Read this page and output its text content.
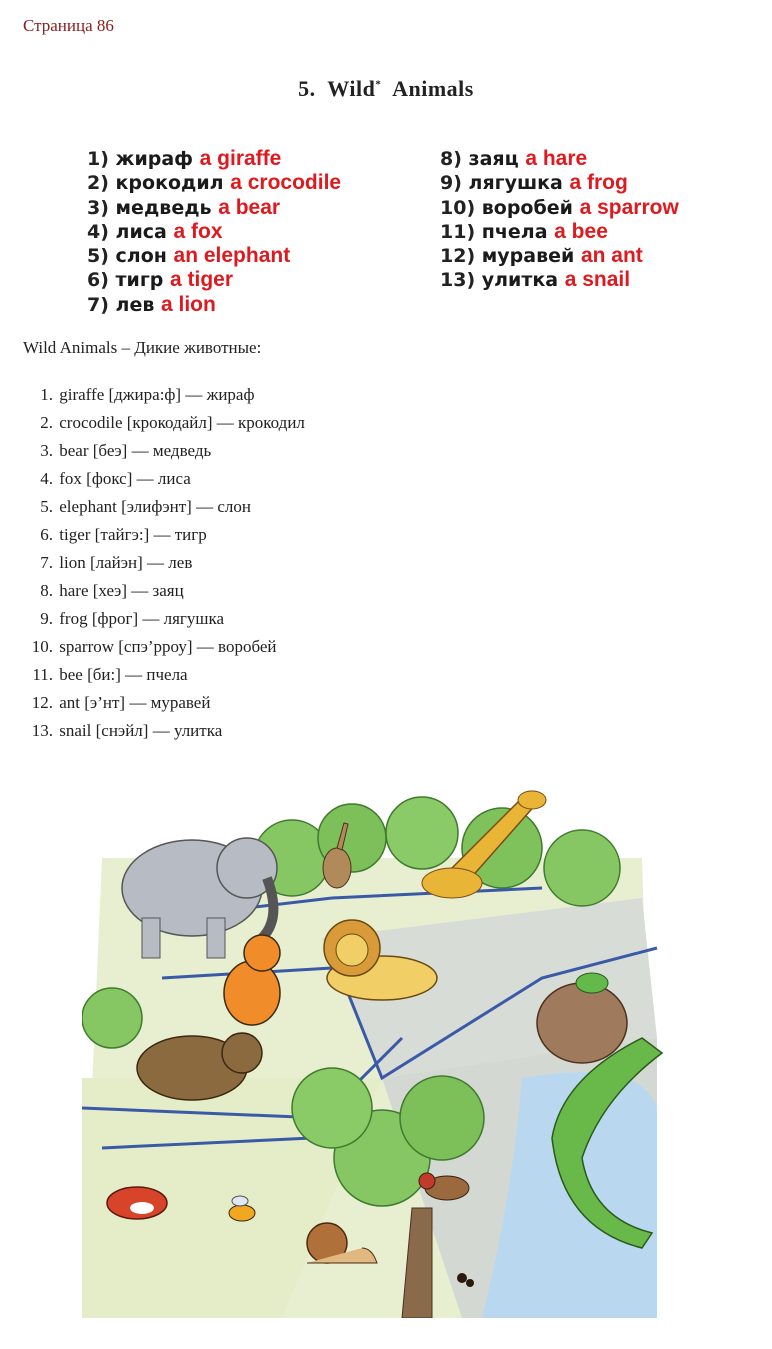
Страница 86
5. Wild* Animals
1) жираф a giraffe
2) крокодил a crocodile
3) медведь a bear
4) лиса a fox
5) слон an elephant
6) тигр a tiger
7) лев a lion
8) заяц a hare
9) лягушка a frog
10) воробей a sparrow
11) пчела a bee
12) муравей an ant
13) улитка a snail
Wild Animals – Дикие животные:
1. giraffe [джира:ф] — жираф
2. crocodile [крокодайл] — крокодил
3. bear [беэ] — медведь
4. fox [фокс] — лиса
5. elephant [элифэнт] — слон
6. tiger [тайгэ:] — тигр
7. lion [лайэн] — лев
8. hare [хеэ] — заяц
9. frog [фрог] — лягушка
10. sparrow [спэ’рроу] — воробей
11. bee [би:] — пчела
12. ant [э’нт] — муравей
13. snail [снэйл] — улитка
